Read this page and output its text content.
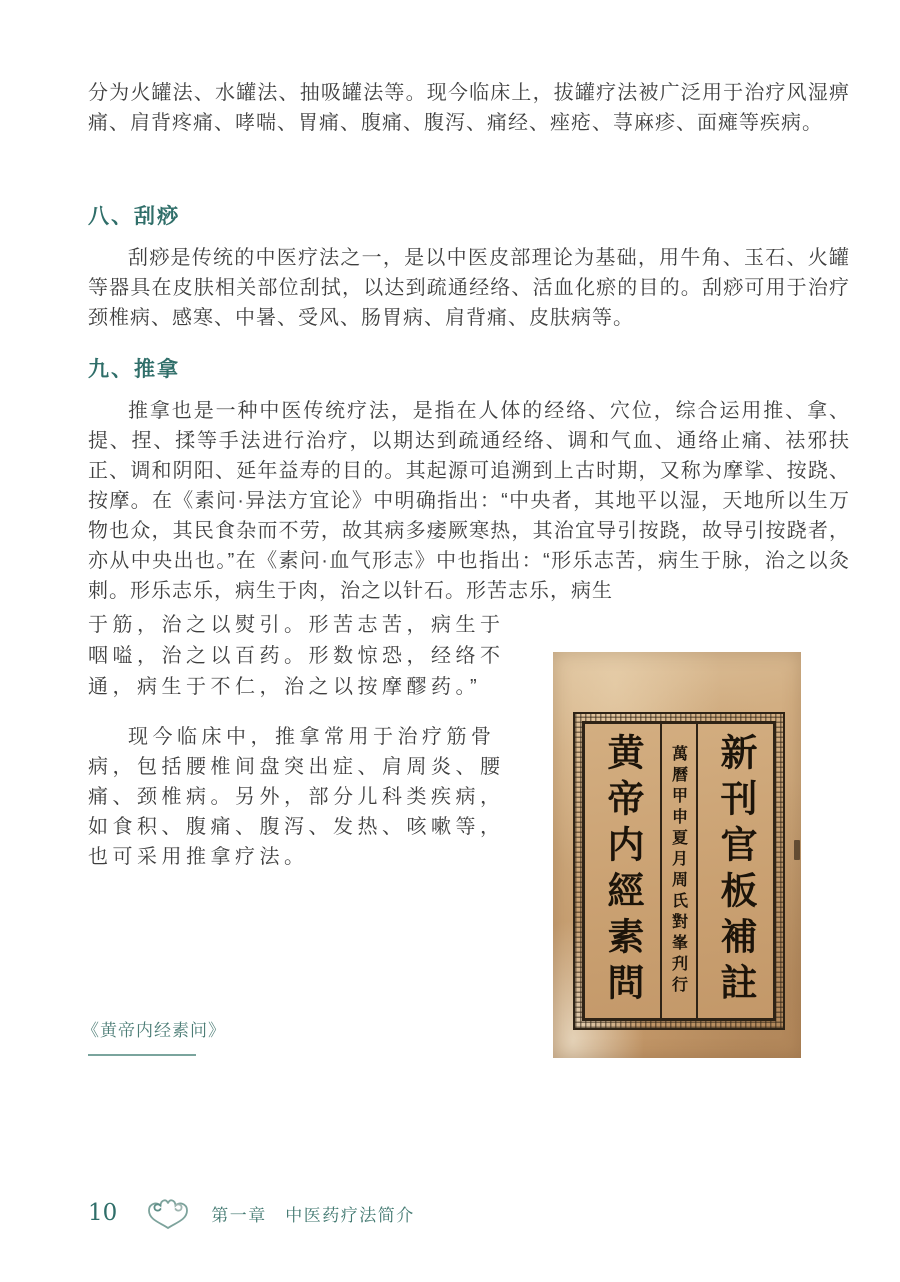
分为火罐法、水罐法、抽吸罐法等。现今临床上，拔罐疗法被广泛用于治疗风湿痹痛、肩背疼痛、哮喘、胃痛、腹痛、腹泻、痛经、痤疮、荨麻疹、面瘫等疾病。

八、刮痧

刮痧是传统的中医疗法之一，是以中医皮部理论为基础，用牛角、玉石、火罐等器具在皮肤相关部位刮拭，以达到疏通经络、活血化瘀的目的。刮痧可用于治疗颈椎病、感寒、中暑、受风、肠胃病、肩背痛、皮肤病等。

九、推拿

推拿也是一种中医传统疗法，是指在人体的经络、穴位，综合运用推、拿、提、捏、揉等手法进行治疗，以期达到疏通经络、调和气血、通络止痛、祛邪扶正、调和阴阳、延年益寿的目的。其起源可追溯到上古时期，又称为摩挲、按跷、按摩。在《素问·异法方宜论》中明确指出：“中央者，其地平以湿，天地所以生万物也众，其民食杂而不劳，故其病多痿厥寒热，其治宜导引按跷，故导引按跷者，亦从中央出也。”在《素问·血气形志》中也指出：“形乐志苦，病生于脉，治之以灸刺。形乐志乐，病生于肉，治之以针石。形苦志乐，病生

于筋，治之以熨引。形苦志苦，病生于咽嗌，治之以百药。形数惊恐，经络不通，病生于不仁，治之以按摩醪药。”

现今临床中，推拿常用于治疗筋骨病，包括腰椎间盘突出症、肩周炎、腰痛、颈椎病。另外，部分儿科类疾病，如食积、腹痛、腹泻、发热、咳嗽等，也可采用推拿疗法。	黄帝内經素問	萬曆甲申夏月周氏對峯刋行 新刊官板補註
《黄帝内经素问》
10	第一章　中医药疗法简介
